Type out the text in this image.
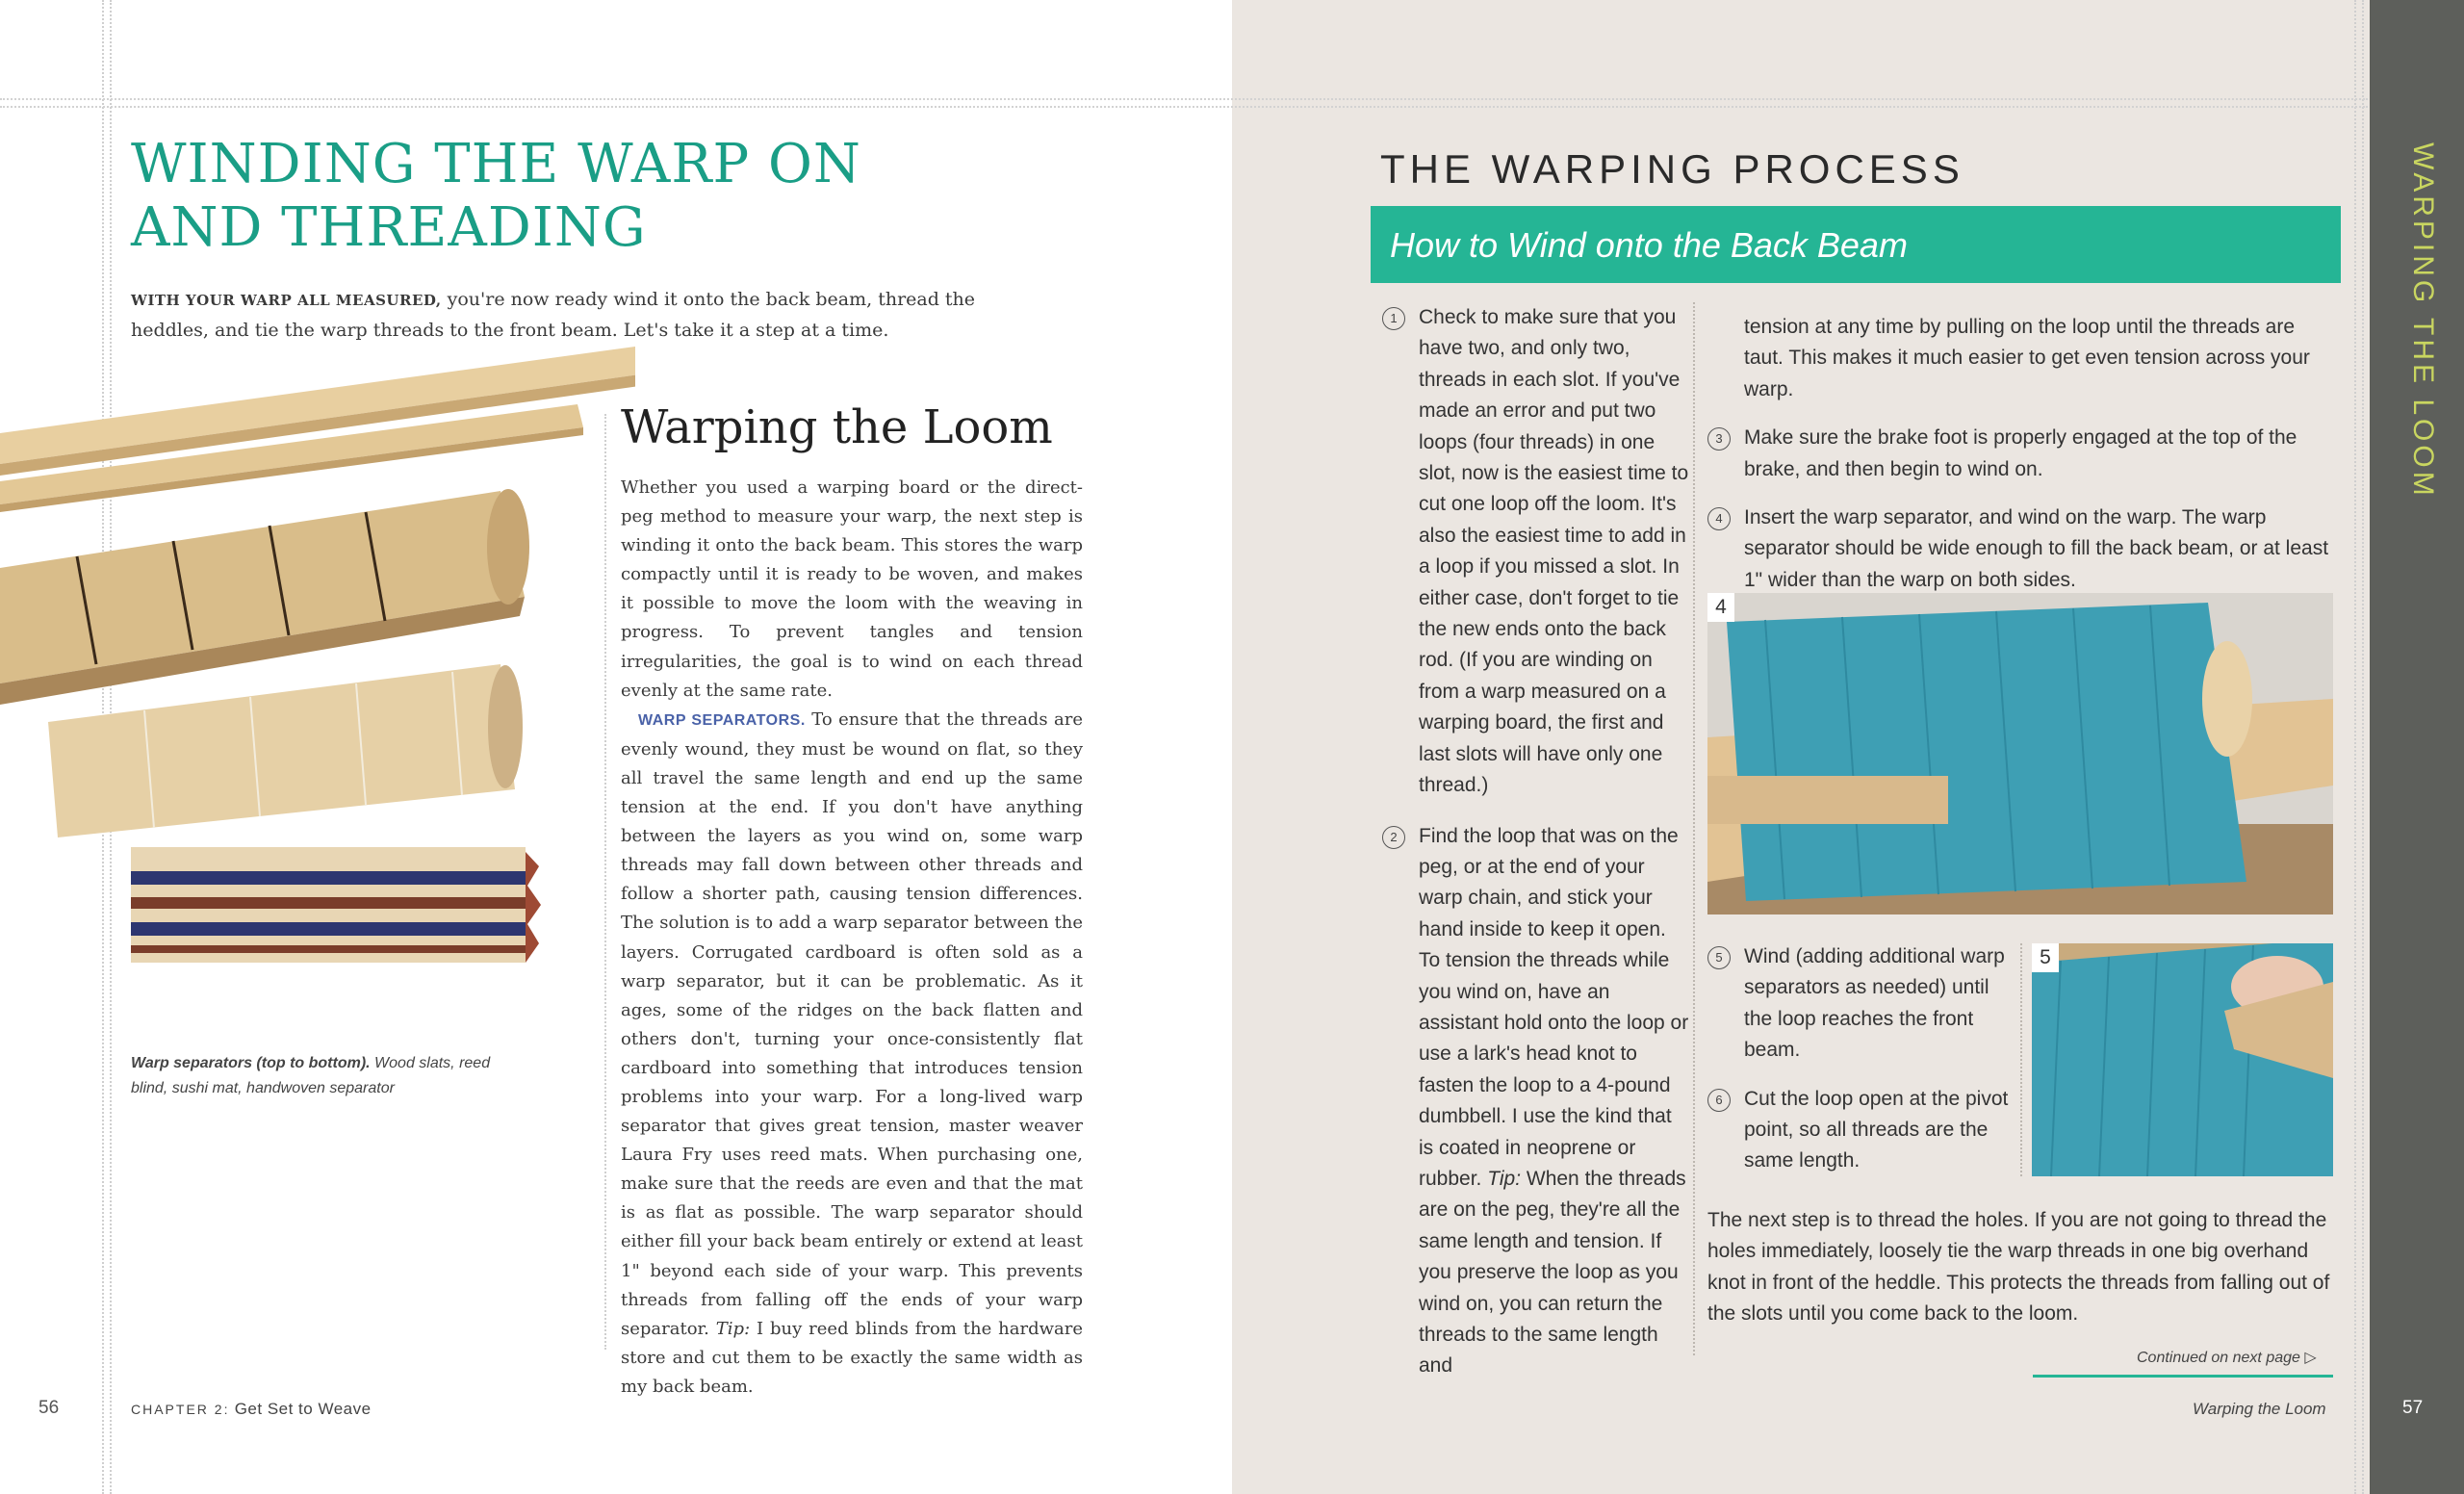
WARPING THE LOOM
WINDING THE WARP ON AND THREADING
WITH YOUR WARP ALL MEASURED, you're now ready wind it onto the back beam, thread the heddles, and tie the warp threads to the front beam. Let's take it a step at a time.
Warp separators (top to bottom). Wood slats, reed blind, sushi mat, handwoven separator
Warping the Loom

Whether you used a warping board or the direct-peg method to measure your warp, the next step is winding it onto the back beam. This stores the warp compactly until it is ready to be woven, and makes it possible to move the loom with the weaving in progress. To prevent tangles and tension irregularities, the goal is to wind on each thread evenly at the same rate.

WARP SEPARATORS. To ensure that the threads are evenly wound, they must be wound on flat, so they all travel the same length and end up the same tension at the end. If you don't have anything between the layers as you wind on, some warp threads may fall down between other threads and follow a shorter path, causing tension differences. The solution is to add a warp separator between the layers. Corrugated cardboard is often sold as a warp separator, but it can be problematic. As it ages, some of the ridges on the back flatten and others don't, turning your once-consistently flat cardboard into something that introduces tension problems into your warp. For a long-lived warp separator that gives great tension, master weaver Laura Fry uses reed mats. When purchasing one, make sure that the reeds are even and that the mat is as flat as possible. The warp separator should either fill your back beam entirely or extend at least 1" beyond each side of your warp. This prevents threads from falling off the ends of your warp separator. Tip: I buy reed blinds from the hardware store and cut them to be exactly the same width as my back beam.

56	CHAPTER 2: Get Set to Weave
THE WARPING PROCESS
How to Wind onto the Back Beam
1	Check to make sure that you have two, and only two, threads in each slot. If you've made an error and put two loops (four threads) in one slot, now is the easiest time to cut one loop off the loom. It's also the easiest time to add in a loop if you missed a slot. In either case, don't forget to tie the new ends onto the back rod. (If you are winding on from a warp measured on a warping board, the first and last slots will have only one thread.)
2	Find the loop that was on the peg, or at the end of your warp chain, and stick your hand inside to keep it open. To tension the threads while you wind on, have an assistant hold onto the loop or use a lark's head knot to fasten the loop to a 4-pound dumbbell. I use the kind that is coated in neoprene or rubber. Tip: When the threads are on the peg, they're all the same length and tension. If you preserve the loop as you wind on, you can return the threads to the same length and
tension at any time by pulling on the loop until the threads are taut. This makes it much easier to get even tension across your warp.
3	Make sure the brake foot is properly engaged at the top of the brake, and then begin to wind on.
4	Insert the warp separator, and wind on the warp. The warp separator should be wide enough to fill the back beam, or at least 1" wider than the warp on both sides.
4
5	Wind (adding additional warp separators as needed) until the loop reaches the front beam.
6	Cut the loop open at the pivot point, so all threads are the same length.
5
The next step is to thread the holes. If you are not going to thread the holes immediately, loosely tie the warp threads in one big overhand knot in front of the heddle. This protects the threads from falling out of the slots until you come back to the loom.
Continued on next page ▷
Warping the Loom	57
